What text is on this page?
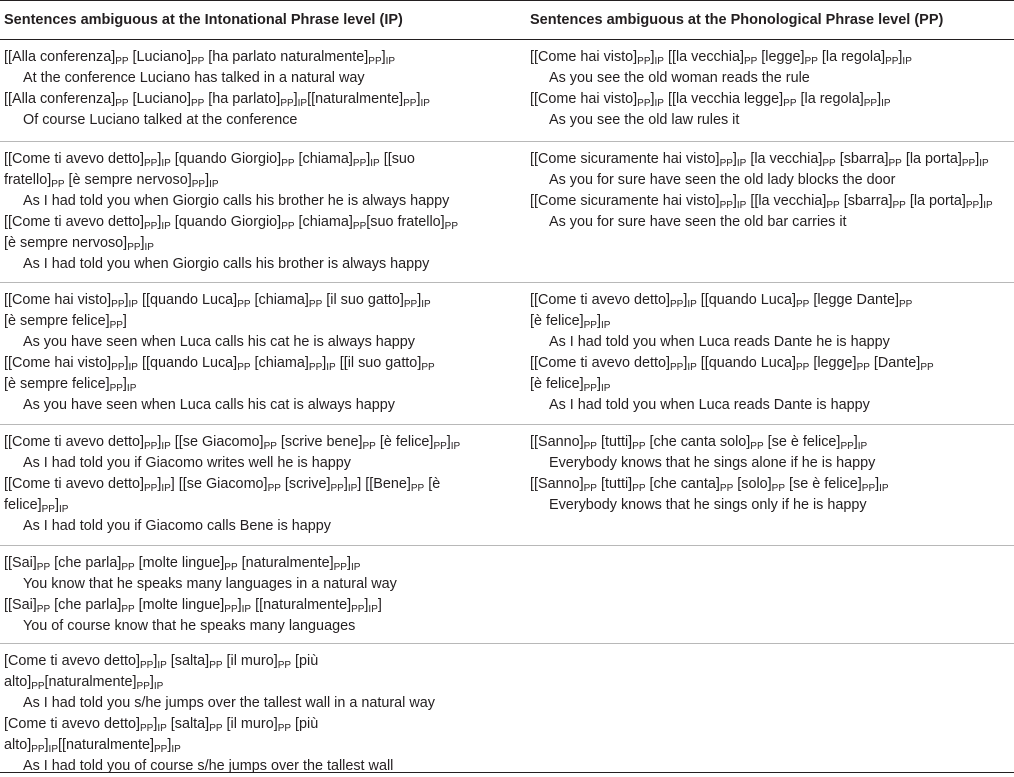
Sentences ambiguous at the Intonational Phrase level (IP)	Sentences ambiguous at the Phonological Phrase level (PP)
[[Alla $conferenza]_{PP}$ $[Luciano]_{PP}$ [ha parlato $naturalmente]_{PP}]_{IP}$
At the conference Luciano has talked in a natural way
[[Alla $conferenza]_{PP}$ $[Luciano]_{PP}$ [ha $parlato]_{PP}]_{IP}[[naturalmente]_{PP}]_{IP}$
Of course Luciano talked at the conference
[[Come hai $visto]_{PP}]_{IP}$ [[la $vecchia]_{PP}$ $[legge]_{PP}$ [la $regola]_{PP}]_{IP}$
As you see the old woman reads the rule
[[Come hai $visto]_{PP}]_{IP}$ [[la vecchia $legge]_{PP}$ [la $regola]_{PP}]_{IP}$
As you see the old law rules it
[[Come ti avevo $detto]_{PP}]_{IP}$ [quando $Giorgio]_{PP}$ $[chiama]_{PP}]_{IP}$ [[suo
$fratello]_{PP}$ [è sempre $nervoso]_{PP}]_{IP}$
As I had told you when Giorgio calls his brother he is always happy
[[Come ti avevo $detto]_{PP}]_{IP}$ [quando $Giorgio]_{PP}$ $[chiama]_{PP}[suo$ $fratello]_{PP}$
[è sempre $nervoso]_{PP}]_{IP}$
As I had told you when Giorgio calls his brother is always happy
[[Come sicuramente hai $visto]_{PP}]_{IP}$ [la $vecchia]_{PP}$ $[sbarra]_{PP}$ [la $porta]_{PP}]_{IP}$
As you for sure have seen the old lady blocks the door
[[Come sicuramente hai $visto]_{PP}]_{IP}$ [[la $vecchia]_{PP}$ $[sbarra]_{PP}$ [la $porta]_{PP}]_{IP}$
As you for sure have seen the old bar carries it
[[Come hai $visto]_{PP}]_{IP}$ [[quando $Luca]_{PP}$ $[chiama]_{PP}$ [il suo $gatto]_{PP}]_{IP}$
[è sempre $felice]_{PP}$]
As you have seen when Luca calls his cat he is always happy
[[Come hai $visto]_{PP}]_{IP}$ [[quando $Luca]_{PP}$ $[chiama]_{PP}]_{IP}$ [[il suo $gatto]_{PP}$
[è sempre $felice]_{PP}]_{IP}$
As you have seen when Luca calls his cat is always happy
[[Come ti avevo $detto]_{PP}]_{IP}$ [[quando $Luca]_{PP}$ [legge $Dante]_{PP}$
[è $felice]_{PP}]_{IP}$
As I had told you when Luca reads Dante he is happy
[[Come ti avevo $detto]_{PP}]_{IP}$ [[quando $Luca]_{PP}$ $[legge]_{PP}$ $[Dante]_{PP}$
[è $felice]_{PP}]_{IP}$
As I had told you when Luca reads Dante is happy
[[Come ti avevo $detto]_{PP}]_{IP}$ [[se $Giacomo]_{PP}$ [scrive $bene]_{PP}$ [è $felice]_{PP}]_{IP}$
As I had told you if Giacomo writes well he is happy
[[Come ti avevo $detto]_{PP}]_{IP}$] [[se $Giacomo]_{PP}$ $[scrive]_{PP}]_{IP}$] [$[Bene]_{PP}$ [è
$felice]_{PP}]_{IP}$
As I had told you if Giacomo calls Bene is happy
[$[Sanno]_{PP}$ $[tutti]_{PP}$ [che canta $solo]_{PP}$ [se è $felice]_{PP}]_{IP}$
Everybody knows that he sings alone if he is happy
[$[Sanno]_{PP}$ $[tutti]_{PP}$ [che $canta]_{PP}$ $[solo]_{PP}$ [se è $felice]_{PP}]_{IP}$
Everybody knows that he sings only if he is happy
[$[Sai]_{PP}$ [che $parla]_{PP}$ [molte $lingue]_{PP}$ $[naturalmente]_{PP}]_{IP}$
You know that he speaks many languages in a natural way
[$[Sai]_{PP}$ [che $parla]_{PP}$ [molte $lingue]_{PP}]_{IP}$ $[[naturalmente]_{PP}]_{IP}$]
You of course know that he speaks many languages
[Come ti avevo $detto]_{PP}]_{IP}$ $[salta]_{PP}$ [il $muro]_{PP}$ [più
$alto]_{PP}[naturalmente]_{PP}]_{IP}$
As I had told you s/he jumps over the tallest wall in a natural way
[Come ti avevo $detto]_{PP}]_{IP}$ $[salta]_{PP}$ [il $muro]_{PP}$ [più
$alto]_{PP}]_{IP}[[naturalmente]_{PP}]_{IP}$
As I had told you of course s/he jumps over the tallest wall
